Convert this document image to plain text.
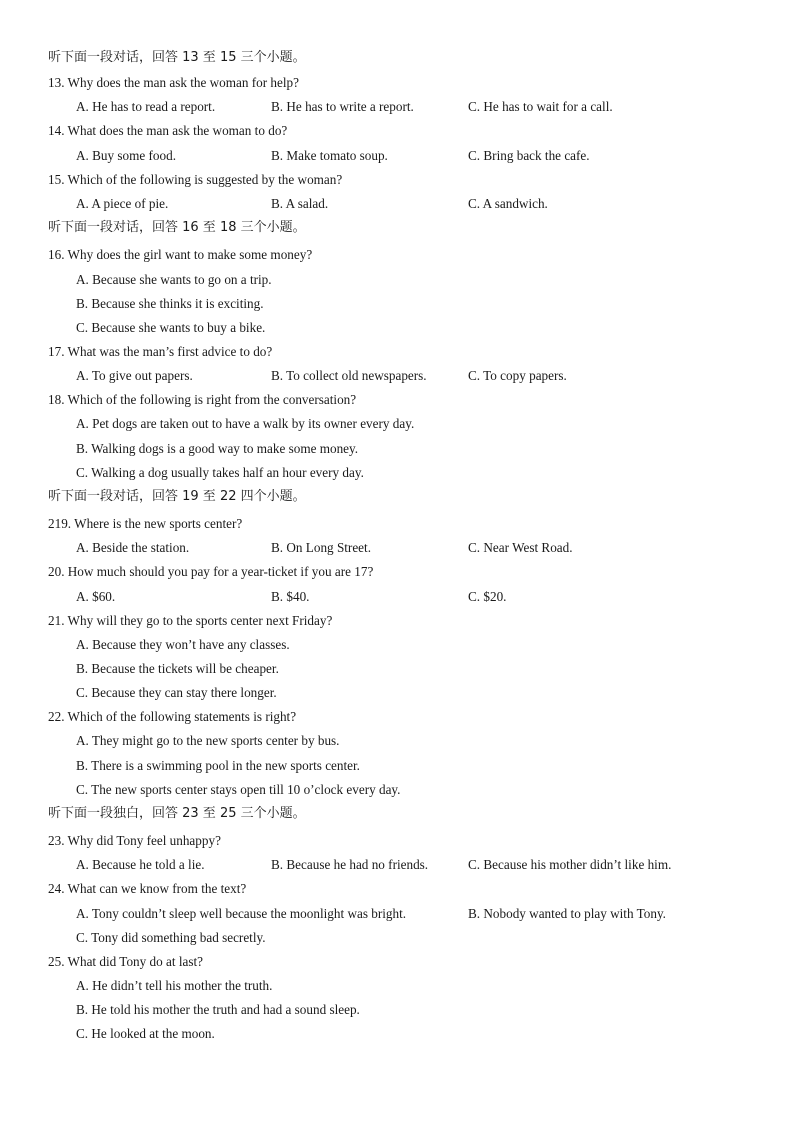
听下面一段对话，回答 13 至 15 三个小题。
13. Why does the man ask the woman for help?
A. He has to read a report.	B. He has to write a report.	C. He has to wait for a call.
14. What does the man ask the woman to do?
A. Buy some food.	B. Make tomato soup.	C. Bring back the cafe.
15. Which of the following is suggested by the woman?
A. A piece of pie.	B. A salad.	C. A sandwich.
听下面一段对话，回答 16 至 18 三个小题。
16. Why does the girl want to make some money?
A. Because she wants to go on a trip.
B. Because she thinks it is exciting.
C. Because she wants to buy a bike.
17. What was the man’s first advice to do?
A. To give out papers.	B. To collect old newspapers.	C. To copy papers.
18. Which of the following is right from the conversation?
A. Pet dogs are taken out to have a walk by its owner every day.
B. Walking dogs is a good way to make some money.
C. Walking a dog usually takes half an hour every day.
听下面一段对话，回答 19 至 22 四个小题。
219. Where is the new sports center?
A. Beside the station.	B. On Long Street.	C. Near West Road.
20. How much should you pay for a year-ticket if you are 17?
A. $60.	B. $40.	C. $20.
21. Why will they go to the sports center next Friday?
A. Because they won’t have any classes.
B. Because the tickets will be cheaper.
C. Because they can stay there longer.
22. Which of the following statements is right?
A. They might go to the new sports center by bus.
B. There is a swimming pool in the new sports center.
C. The new sports center stays open till 10 o’clock every day.
听下面一段独白，回答 23 至 25 三个小题。
23. Why did Tony feel unhappy?
A. Because he told a lie.	B. Because he had no friends.	C. Because his mother didn’t like him.
24. What can we know from the text?
A. Tony couldn’t sleep well because the moonlight was bright.	B. Nobody wanted to play with Tony.
C. Tony did something bad secretly.
25. What did Tony do at last?
A. He didn’t tell his mother the truth.
B. He told his mother the truth and had a sound sleep.
C. He looked at the moon.
